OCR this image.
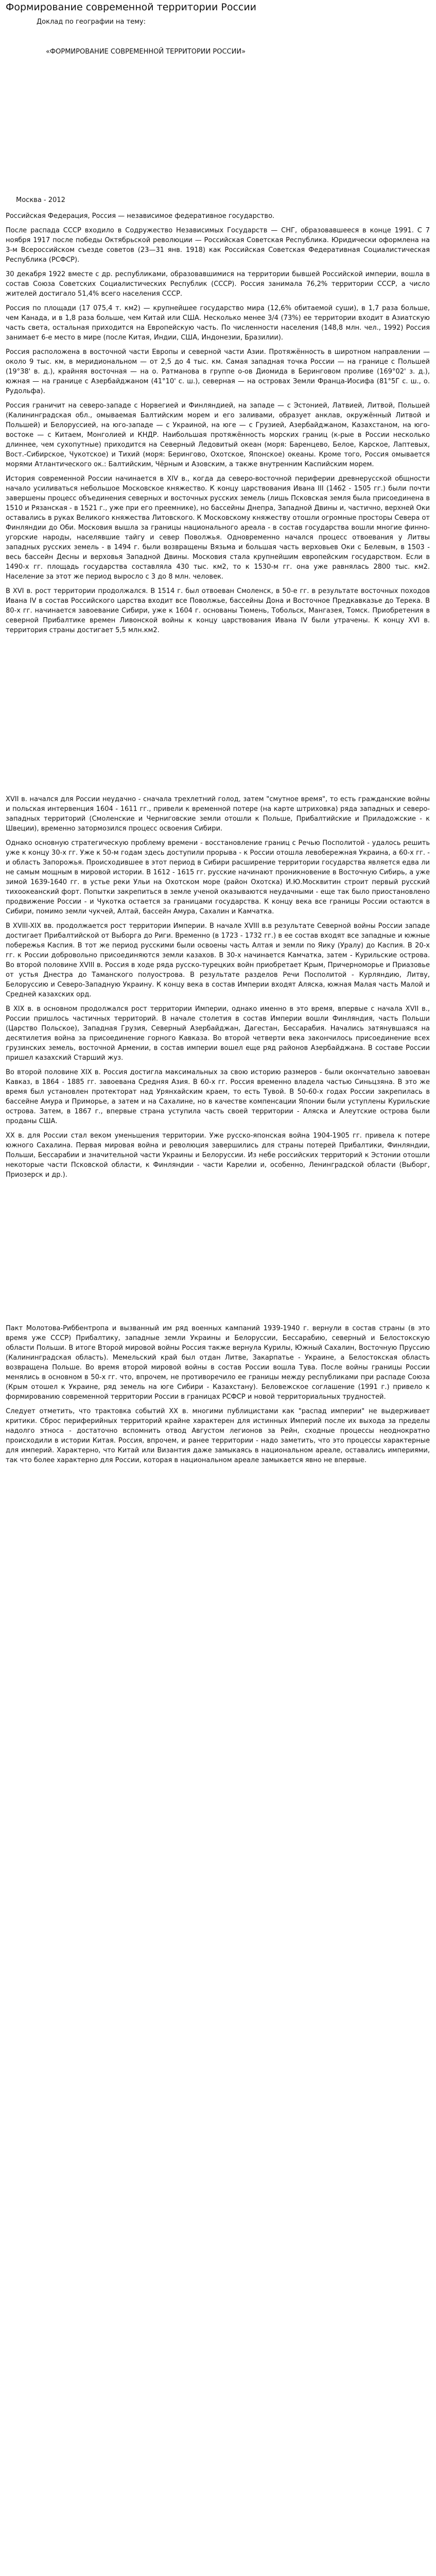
Формирование современной территории России
Доклад по географии на тему:
«ФОРМИРОВАНИЕ СОВРЕМЕННОЙ ТЕРРИТОРИИ РОССИИ»
Москва - 2012

Российская Федерация, Россия — независимое федеративное государство.

После распада СССР входило в Содружество Независимых Государств — СНГ, образовавшееся в конце 1991. С 7 ноября 1917 после победы Октябрьской революции — Российская Советская Республика. Юридически оформлена на 3-м Всероссийском съезде советов (23—31 янв. 1918) как Российская Советская Федеративная Социалистическая Республика (РСФСР).

30 декабря 1922 вместе с др. республиками, образовавшимися на территории бывшей Российской империи, вошла в состав Союза Советских Социалистических Республик (СССР). Россия занимала 76,2% территории СССР, а число жителей достигало 51,4% всего населения СССР.

Россия по площади (17 075,4 т. км2) — крупнейшее государство мира (12,6% обитаемой суши), в 1,7 раза больше, чем Канада, и в 1,8 раза больше, чем Китай или США. Несколько менее 3/4 (73%) ее территории входит в Азиатскую часть света, остальная приходится на Европейскую часть. По численности населения (148,8 млн. чел., 1992) Россия занимает 6-е место в мире (после Китая, Индии, США, Индонезии, Бразилии).

Россия расположена в восточной части Европы и северной части Азии. Протяжённость в широтном направлении — около 9 тыс. км, в меридиональном — от 2,5 до 4 тыс. км. Самая западная точка России — на границе с Польшей (19°38' в. д.), крайняя восточная — на о. Ратманова в группе о-ов Диомида в Беринговом проливе (169°02' з. д.), южная — на границе с Азербайджаном (41°10' с. ш.), северная — на островах Земли Франца-Иосифа (81°5Г с. ш., о. Рудольфа).

Россия граничит на северо-западе с Норвегией и Финляндией, на западе — с Эстонией, Латвией, Литвой, Польшей (Калининградская обл., омываемая Балтийским морем и его заливами, образует анклав, окружённый Литвой и Польшей) и Белоруссией, на юго-западе — с Украиной, на юге — с Грузией, Азербайджаном, Казахстаном, на юго-востоке — с Китаем, Монголией и КНДР. Наибольшая протяжённость морских границ (к-рые в России несколько длиннее, чем сухопутные) приходится на Северный Ледовитый океан (моря: Баренцево, Белое, Карское, Лаптевых, Вост.-Сибирское, Чукотское) и Тихий (моря: Берингово, Охотское, Японское) океаны. Кроме того, Россия омывается морями Атлантического ок.: Балтийским, Чёрным и Азовским, а также внутренним Каспийским морем.

История современной России начинается в XIV в., когда да северо-восточной периферии древнерусской общности начало усиливаться небольшое Московское княжество. К концу царствования Ивана III (1462 - 1505 гг.) были почти завершены процесс объединения северных и восточных русских земель (лишь Псковская земля была присоединена в 1510 и Рязанская - в 1521 г., уже при его преемнике), но бассейны Днепра, Западной Двины и, частично, верхней Оки оставались в руках Великого княжества Литовского. К Московскому княжеству отошли огромные просторы Севера от Финляндии до Оби. Московия вышла за границы национального ареала - в состав государства вошли многие финно-угорские народы, населявшие тайгу и север Поволжья. Одновременно начался процесс отвоевания у Литвы западных русских земель - в 1494 г. были возвращены Вязьма и большая часть верховьев Оки с Белевым, в 1503 - весь бассейн Десны и верховья Западной Двины. Московия стала крупнейшим европейским государством. Если в 1490-х гг. площадь государства составляла 430 тыс. км2, то к 1530-м гг. она уже равнялась 2800 тыс. км2. Население за этот же период выросло с 3 до 8 млн. человек.

В XVI в. рост территории продолжался. В 1514 г. был отвоеван Смоленск, в 50-е гг. в результате восточных походов Ивана IV в состав Российского царства входит все Поволжье, бассейны Дона и Восточное Предкавказье до Терека. В 80-х гг. начинается завоевание Сибири, уже к 1604 г. основаны Тюмень, Тобольск, Мангазея, Томск. Приобретения в северной Прибалтике времен Ливонской войны к концу царствования Ивана IV были утрачены. К концу XVI в. территория страны достигает 5,5 млн.км2.

XVII в. начался для России неудачно - сначала трехлетний голод, затем "смутное время", то есть гражданские войны и польская интервенция 1604 - 1611 гг., привели к временной потере (на карте штриховка) ряда западных и северо-западных территорий (Смоленские и Черниговские земли отошли к Польше, Прибалтийские и Приладожские - к Швеции), временно затормозился процесс освоения Сибири.

Однако основную стратегическую проблему времени - восстановление границ с Речью Посполитой - удалось решить уже к концу 30-х гг. Уже к 50-м годам здесь доступили прорыва - к России отошла левобережная Украина, а 60-х гг. - и область Запорожья. Происходившее в этот период в Сибири расширение территории государства является едва ли не самым мощным в мировой истории. В 1612 - 1615 гг. русские начинают проникновение в Восточную Сибирь, а уже зимой 1639-1640 гг. в устье реки Ульи на Охотском море (район Охотска) И.Ю.Москвитин строит первый русский тихоокеанский форт. Попытки закрепиться в земле ученой оказываются неудачными - еще так было приостановлено продвижение России - и Чукотка остается за границами государства. К концу века все границы России остаются в Сибири, помимо земли чукчей, Алтай, бассейн Амура, Сахалин и Камчатка.

В XVIII-XIX вв. продолжается рост территории Империи. В начале XVIII в.в результате Северной войны России западе достигает Прибалтийской от Выборга до Риги. Временно (в 1723 - 1732 гг.) в ее состав входят все западные и южные побережья Каспия. В тот же период русскими были освоены часть Алтая и земли по Яику (Уралу) до Каспия. В 20-х гг. к России добровольно присоединяются земли казахов. В 30-х начинается Камчатка, затем - Курильские острова. Во второй половине XVIII в. Россия в ходе ряда русско-турецких войн приобретает Крым, Причерноморье и Приазовье от устья Днестра до Таманского полуострова. В результате разделов Речи Посполитой - Курляндию, Литву, Белоруссию и Северо-Западную Украину. К концу века в состав Империи входят Аляска, южная Малая часть Малой и Средней казахских орд.

В XIX в. в основном продолжался рост территории Империи, однако именно в это время, впервые с начала XVII в., России пришлось частичных территорий. В начале столетия в состав Империи вошли Финляндия, часть Польши (Царство Польское), Западная Грузия, Северный Азербайджан, Дагестан, Бессарабия. Начались затянувшаяся на десятилетия война за присоединение горного Кавказа. Во второй четверти века закончилось присоединение всех грузинских земель, восточной Армении, в состав империи вошел еще ряд районов Азербайджана. В составе России пришел казахский Старший жуз.

Во второй половине XIX в. Россия достигла максимальных за свою историю размеров - были окончательно завоеван Кавказ, в 1864 - 1885 гг. завоевана Средняя Азия. В 60-х гг. Россия временно владела частью Синьцзяна. В это же время был установлен протекторат над Урянхайским краем, то есть Тувой. В 50-60-х годах России закрепилась в бассейне Амура и Приморье, а затем и на Сахалине, но в качестве компенсации Японии были уступлены Курильские острова. Затем, в 1867 г., впервые страна уступила часть своей территории - Аляска и Алеутские острова были проданы США.

ХХ в. для России стал веком уменьшения территории. Уже русско-японская война 1904-1905 гг. привела к потере южного Сахалина. Первая мировая война и революция завершились для страны потерей Прибалтики, Финляндии, Польши, Бессарабии и значительной части Украины и Белоруссии. Из небе российских территорий к Эстонии отошли некоторые части Псковской области, к Финляндии - части Карелии и, особенно, Ленинградской области (Выборг, Приозерск и др.).

Пакт Молотова-Риббентропа и вызванный им ряд военных кампаний 1939-1940 г. вернули в состав страны (в это время уже СССР) Прибалтику, западные земли Украины и Белоруссии, Бессарабию, северный и Белостокскую области Польши. В итоге Второй мировой войны Россия также вернула Курилы, Южный Сахалин, Восточную Пруссию (Калининградская область). Мемельский край был отдан Литве, Закарпатье - Украине, а Белостокская область возвращена Польше. Во время второй мировой войны в состав России вошла Тува. После войны границы России менялись в основном в 50-х гг. что, впрочем, не противоречило ее границы между республиками при распаде Союза (Крым отошел к Украине, ряд земель на юге Сибири - Казахстану). Беловежское соглашение (1991 г.) привело к формированию современной территории России в границах РСФСР и новой территориальных трудностей.

Следует отметить, что трактовка событий XX в. многими публицистами как "распад империи" не выдерживает критики. Сброс периферийных территорий крайне характерен для истинных Империй после их выхода за пределы надолго этноса - достаточно вспомнить отвод Августом легионов за Рейн, сходные процессы неоднократно происходили в истории Китая. Россия, впрочем, и ранее территории - надо заметить, что это процессы характерные для империй. Характерно, что Китай или Византия даже замыкаясь в национальном ареале, оставались империями, так что более характерно для России, которая в национальном ареале замыкается явно не впервые.
